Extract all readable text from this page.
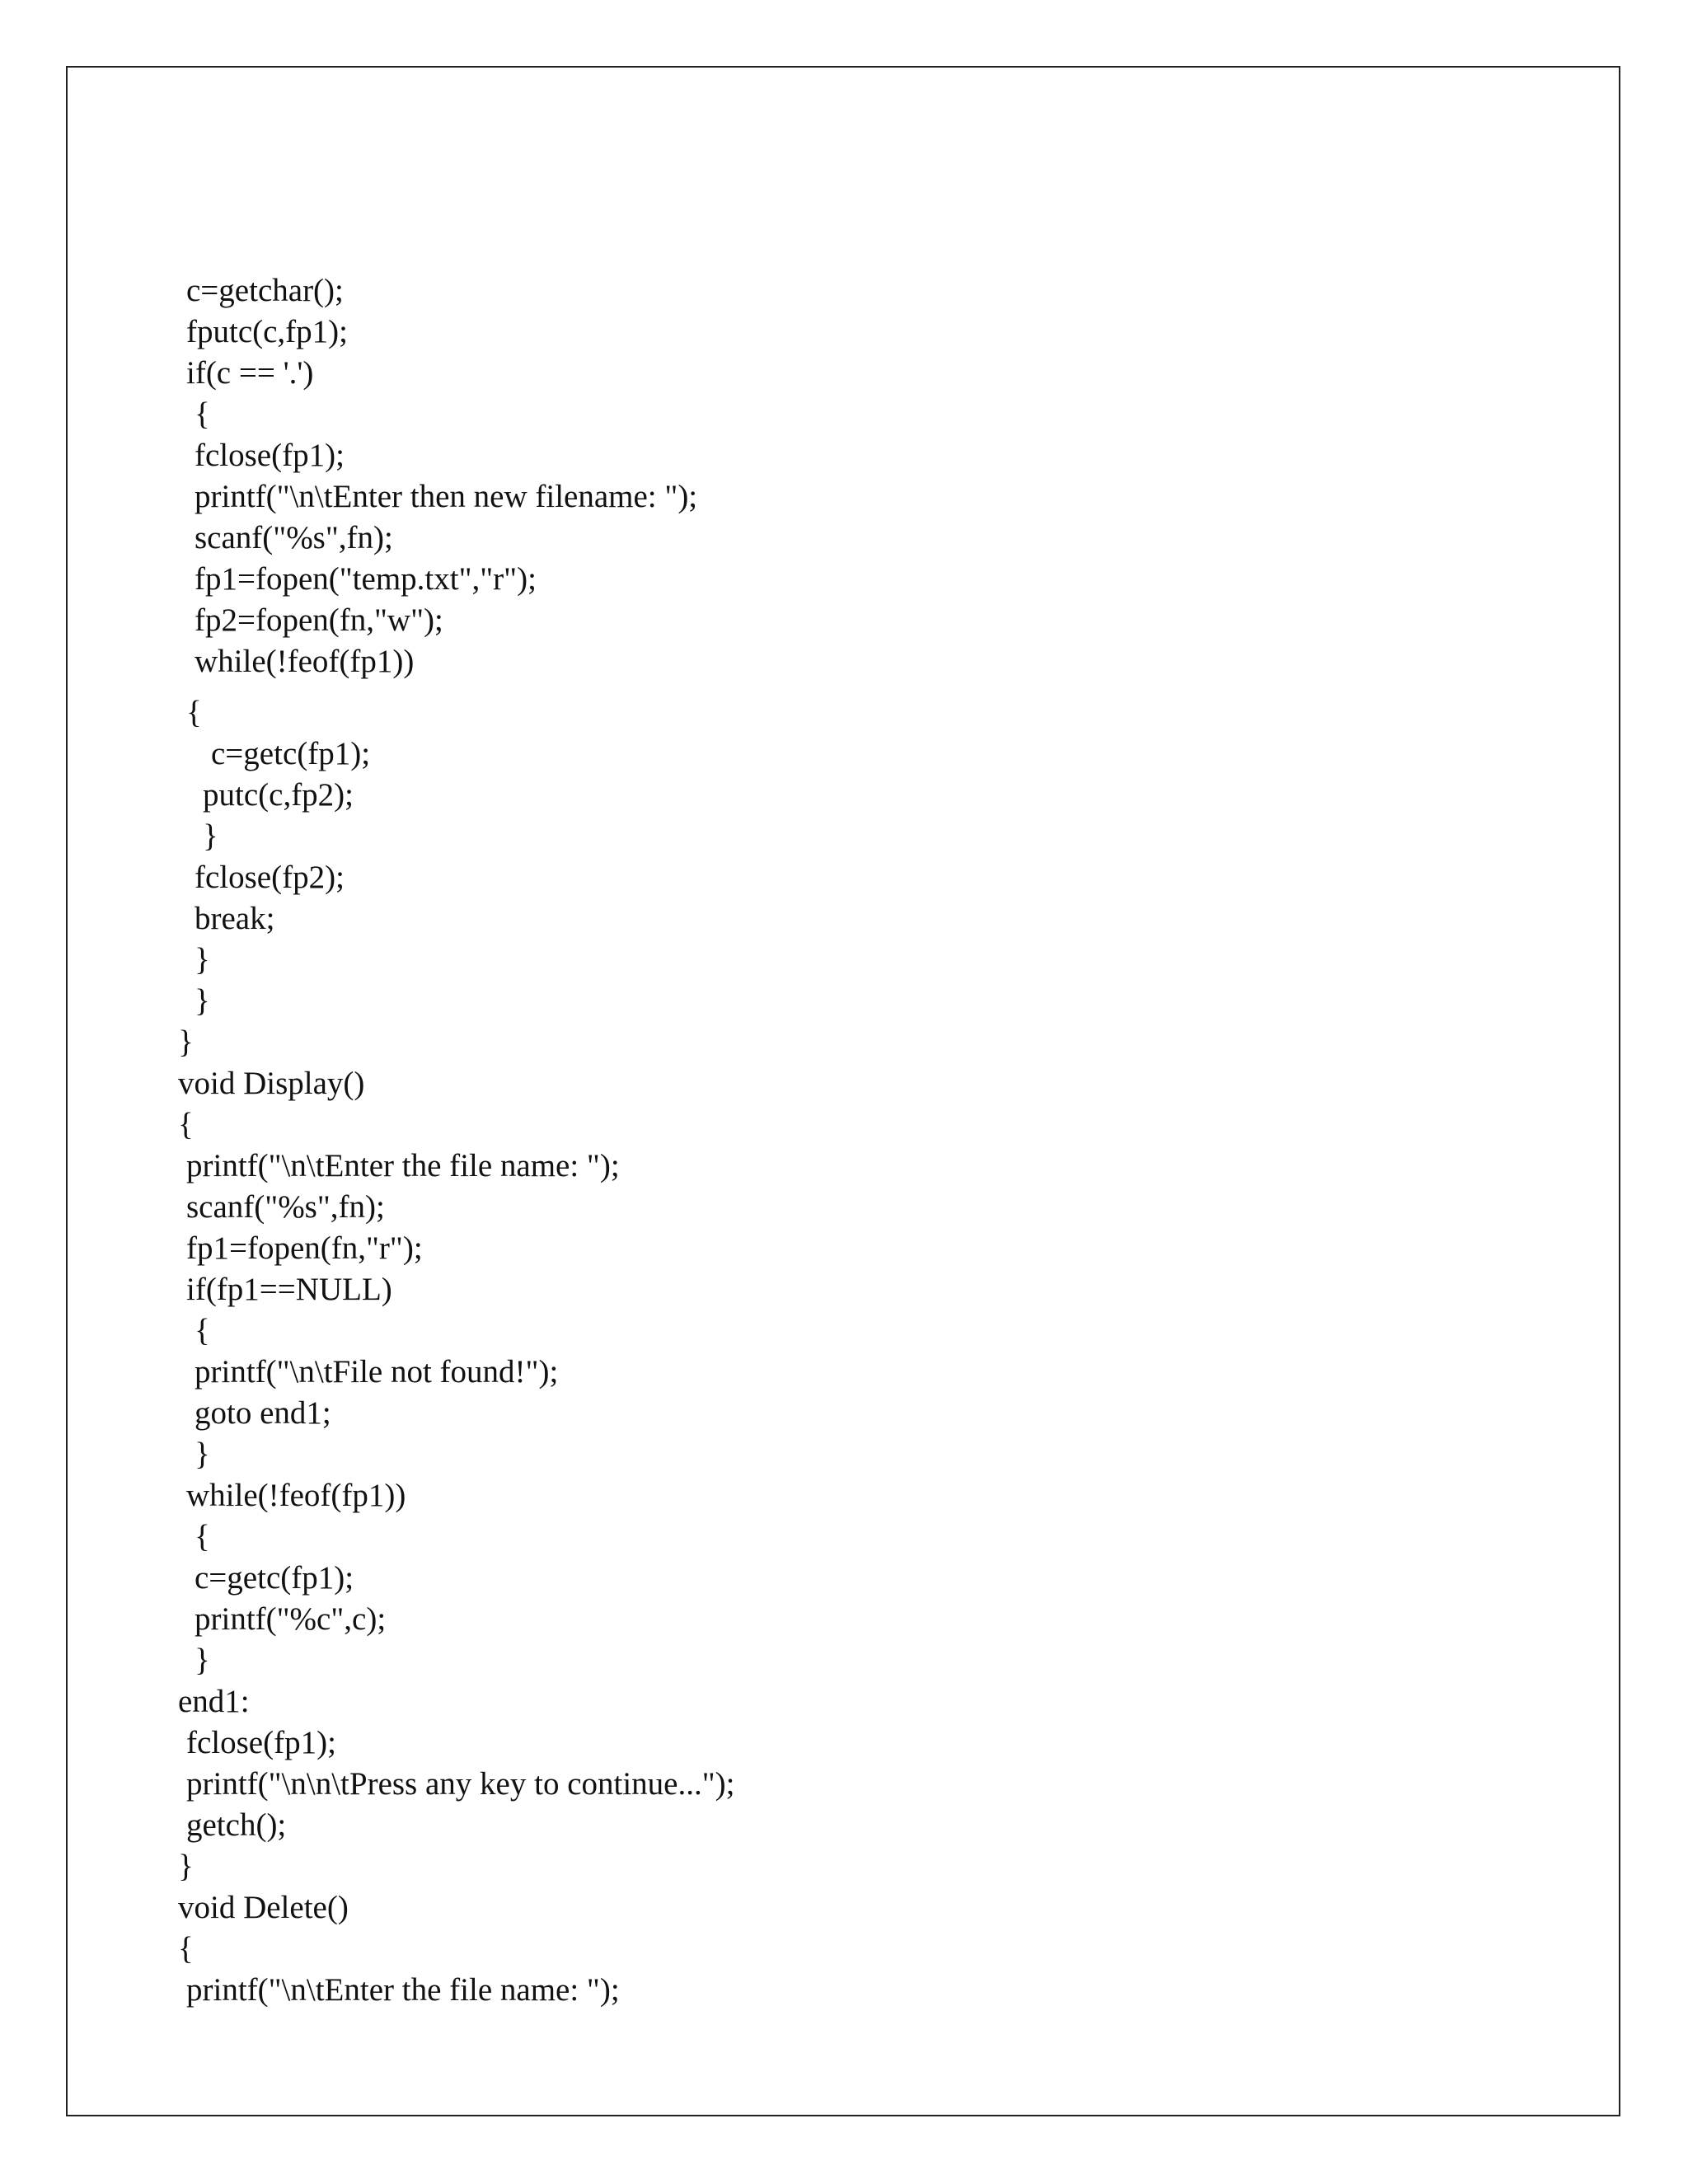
c=getchar();
fputc(c,fp1);
if(c == '.')
{
fclose(fp1);
printf("\n\tEnter then new filename: ");
scanf("%s",fn);
fp1=fopen("temp.txt","r");
fp2=fopen(fn,"w");
while(!feof(fp1))
{
c=getc(fp1);
putc(c,fp2);
}
fclose(fp2);
break;
}
}
}
void Display()
{
printf("\n\tEnter the file name: ");
scanf("%s",fn);
fp1=fopen(fn,"r");
if(fp1==NULL)
{
printf("\n\tFile not found!");
goto end1;
}
while(!feof(fp1))
{
c=getc(fp1);
printf("%c",c);
}
end1:
fclose(fp1);
printf("\n\n\tPress any key to continue...");
getch();
}
void Delete()
{
printf("\n\tEnter the file name: ");
